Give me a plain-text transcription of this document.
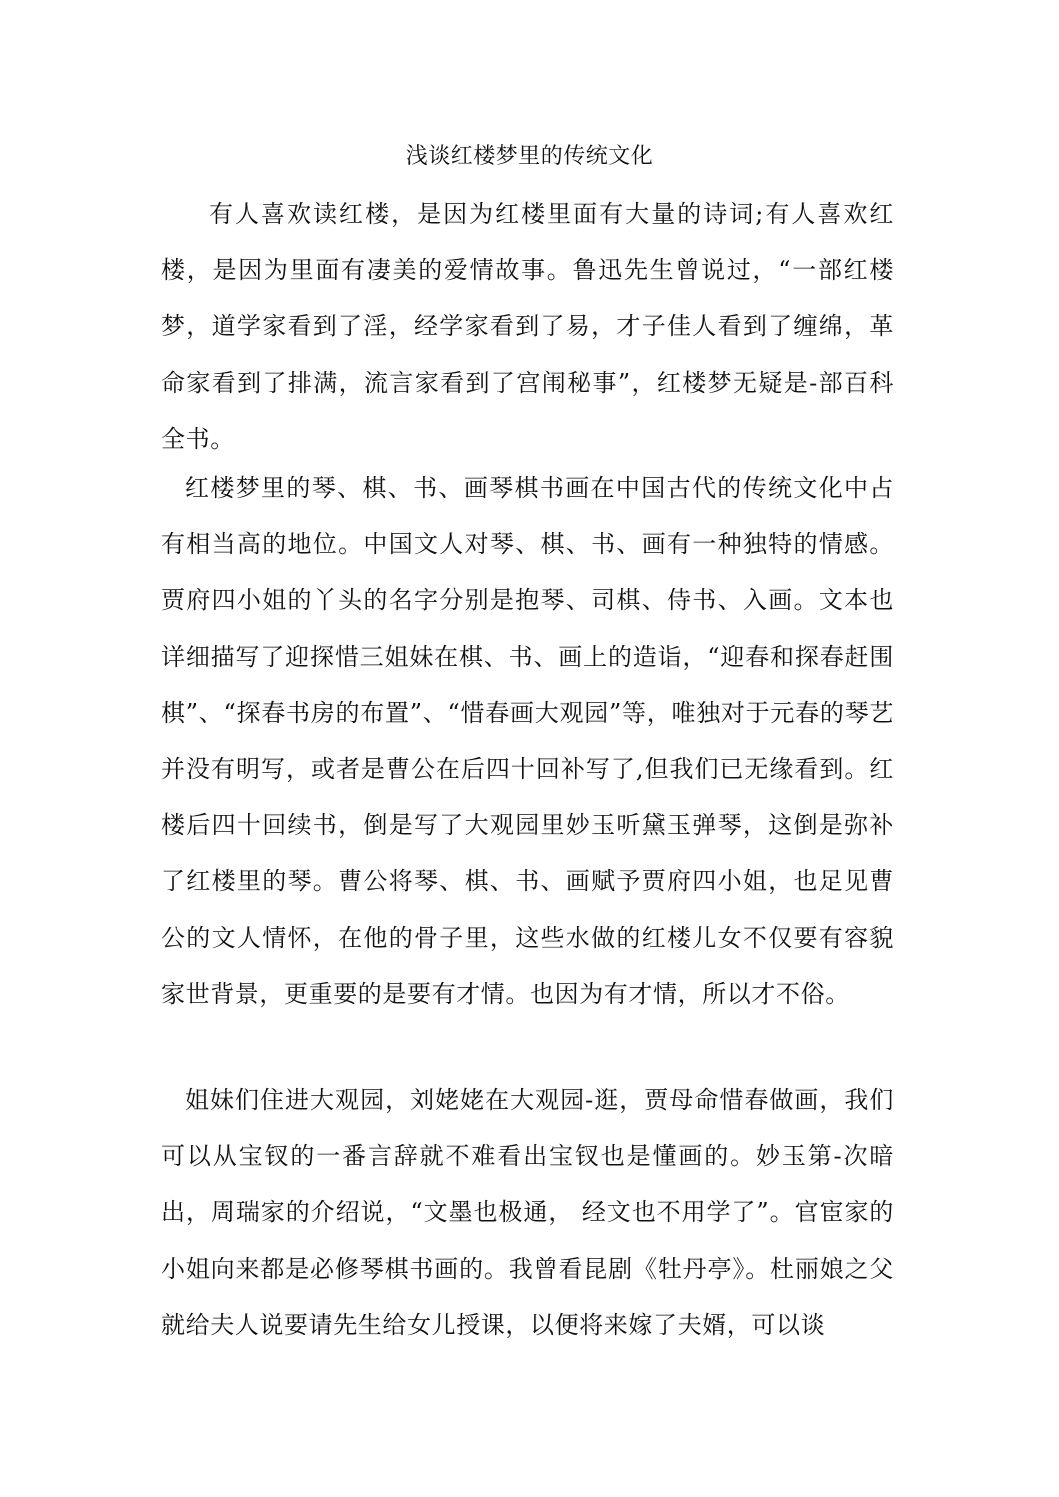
浅谈红楼梦里的传统文化

有人喜欢读红楼，是因为红楼里面有大量的诗词;有人喜欢红楼，是因为里面有凄美的爱情故事。鲁迅先生曾说过，“一部红楼梦，道学家看到了淫，经学家看到了易，才子佳人看到了缠绵，革命家看到了排满，流言家看到了宫闱秘事”，红楼梦无疑是-部百科全书。

红楼梦里的琴、棋、书、画琴棋书画在中国古代的传统文化中占有相当高的地位。中国文人对琴、棋、书、画有一种独特的情感。贾府四小姐的丫头的名字分别是抱琴、司棋、侍书、入画。文本也详细描写了迎探惜三姐妹在棋、书、画上的造诣，“迎春和探春赶围棋”、“探春书房的布置”、“惜春画大观园”等，唯独对于元春的琴艺并没有明写，或者是曹公在后四十回补写了,但我们已无缘看到。红楼后四十回续书，倒是写了大观园里妙玉听黛玉弹琴，这倒是弥补了红楼里的琴。曹公将琴、棋、书、画赋予贾府四小姐，也足见曹公的文人情怀，在他的骨子里，这些水做的红楼儿女不仅要有容貌家世背景，更重要的是要有才情。也因为有才情，所以才不俗。

姐妹们住进大观园，刘姥姥在大观园-逛，贾母命惜春做画，我们可以从宝钗的一番言辞就不难看出宝钗也是懂画的。妙玉第-次暗出，周瑞家的介绍说，“文墨也极通， 经文也不用学了”。官宦家的小姐向来都是必修琴棋书画的。我曾看昆剧《牡丹亭》。杜丽娘之父就给夫人说要请先生给女儿授课，以便将来嫁了夫婿，可以谈
